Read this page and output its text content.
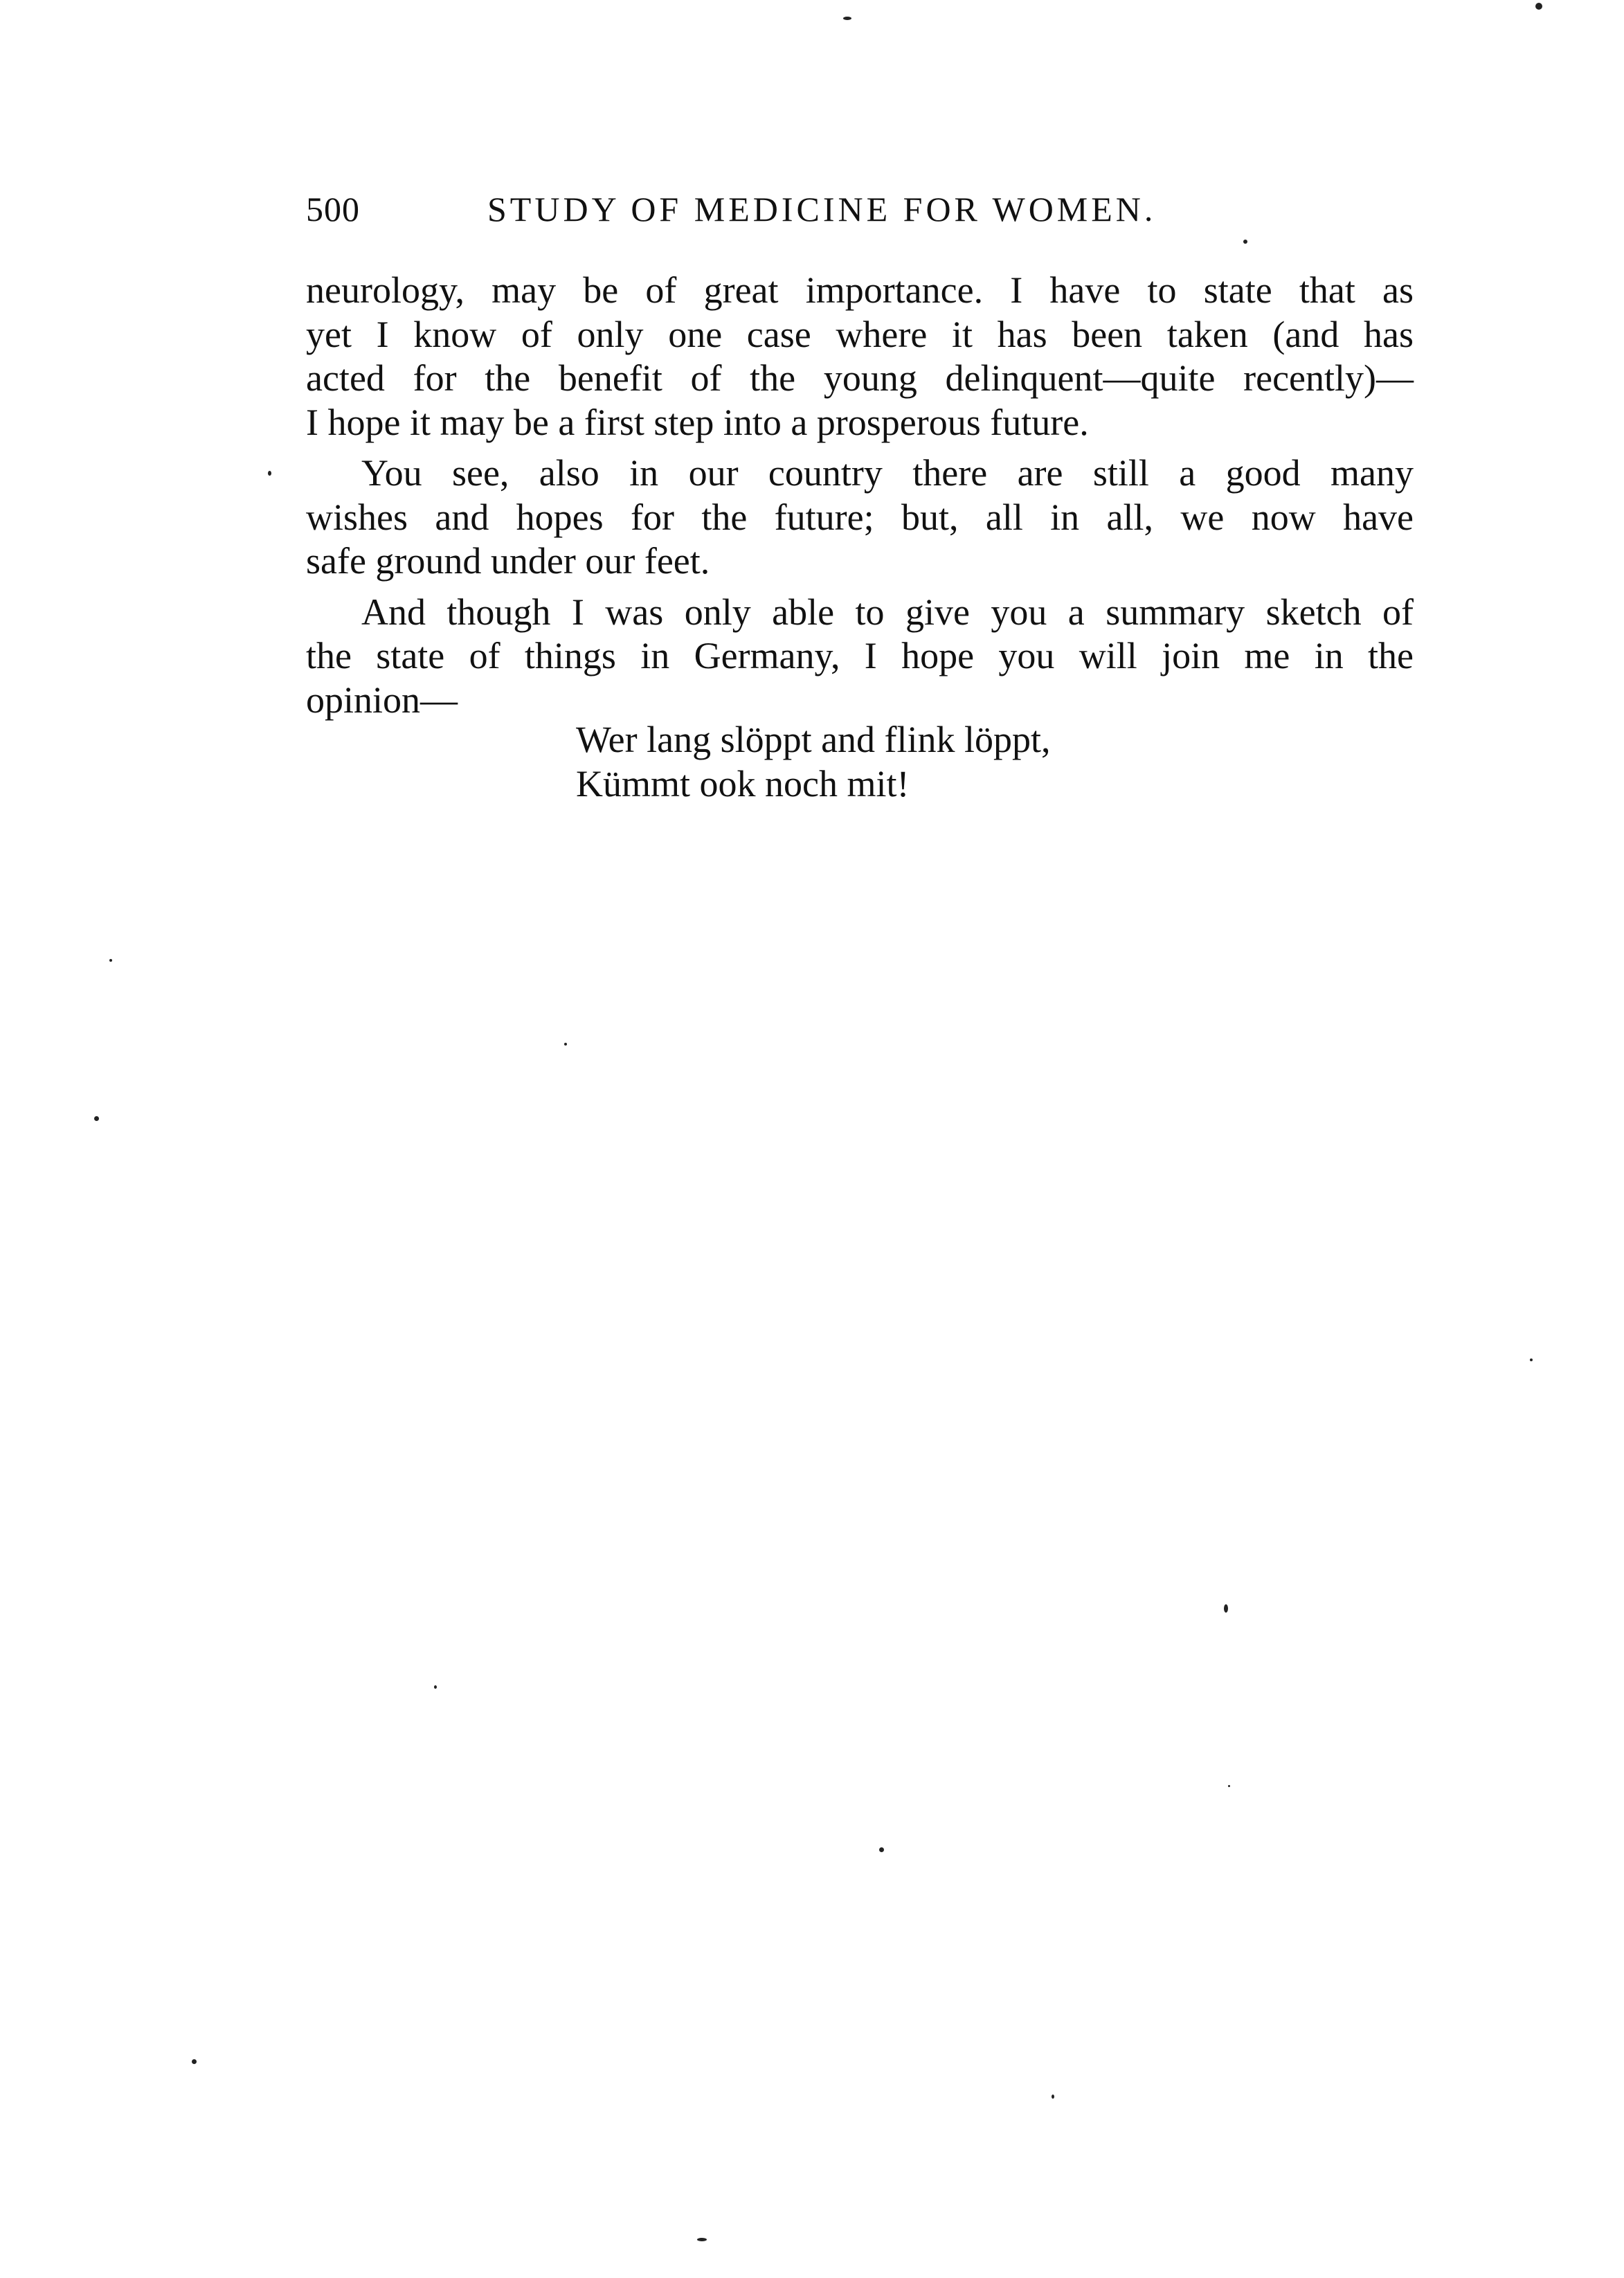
500	STUDY OF MEDICINE FOR WOMEN.
neurology, may be of great importance. I have to state that as
yet I know of only one case where it has been taken (and has
acted for the benefit of the young delinquent—quite recently)—
I hope it may be a first step into a prosperous future.
You see, also in our country there are still a good many
wishes and hopes for the future; but, all in all, we now have
safe ground under our feet.
And though I was only able to give you a summary sketch of
the state of things in Germany, I hope you will join me in the
opinion—
Wer lang slöppt and flink löppt,
Kümmt ook noch mit!
